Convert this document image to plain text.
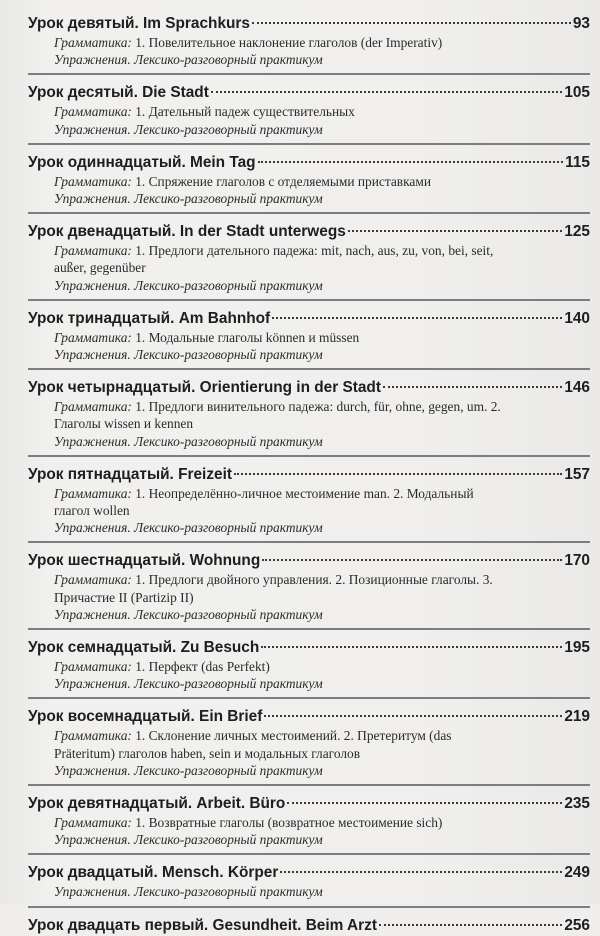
Урок девятый. Im Sprachkurs	93
Грамматика: 1. Повелительное наклонение глаголов (der Imperativ)
Упражнения. Лексико-разговорный практикум
Урок десятый. Die Stadt	105
Грамматика: 1. Дательный падеж существительных
Упражнения. Лексико-разговорный практикум
Урок одиннадцатый. Mein Tag	115
Грамматика: 1. Спряжение глаголов с отделяемыми приставками
Упражнения. Лексико-разговорный практикум
Урок двенадцатый. In der Stadt unterwegs	125
Грамматика: 1. Предлоги дательного падежа: mit, nach, aus, zu, von, bei, seit,
außer, gegenüber
Упражнения. Лексико-разговорный практикум
Урок тринадцатый. Am Bahnhof	140
Грамматика: 1. Модальные глаголы können и müssen
Упражнения. Лексико-разговорный практикум
Урок четырнадцатый. Orientierung in der Stadt	146
Грамматика: 1. Предлоги винительного падежа: durch, für, ohne, gegen, um. 2.
Глаголы wissen и kennen
Упражнения. Лексико-разговорный практикум
Урок пятнадцатый. Freizeit	157
Грамматика: 1. Неопределённо-личное местоимение man. 2. Модальный
глагол wollen
Упражнения. Лексико-разговорный практикум
Урок шестнадцатый. Wohnung	170
Грамматика: 1. Предлоги двойного управления. 2. Позиционные глаголы. 3.
Причастие II (Partizip II)
Упражнения. Лексико-разговорный практикум
Урок семнадцатый. Zu Besuch	195
Грамматика: 1. Перфект (das Perfekt)
Упражнения. Лексико-разговорный практикум
Урок восемнадцатый. Ein Brief	219
Грамматика: 1. Склонение личных местоимений. 2. Претеритум (das
Präteritum) глаголов haben, sein и модальных глаголов
Упражнения. Лексико-разговорный практикум
Урок девятнадцатый. Arbeit. Büro	235
Грамматика: 1. Возвратные глаголы (возвратное местоимение sich)
Упражнения. Лексико-разговорный практикум
Урок двадцатый. Mensch. Körper	249
Упражнения. Лексико-разговорный практикум
Урок двадцать первый. Gesundheit. Beim Arzt	256
